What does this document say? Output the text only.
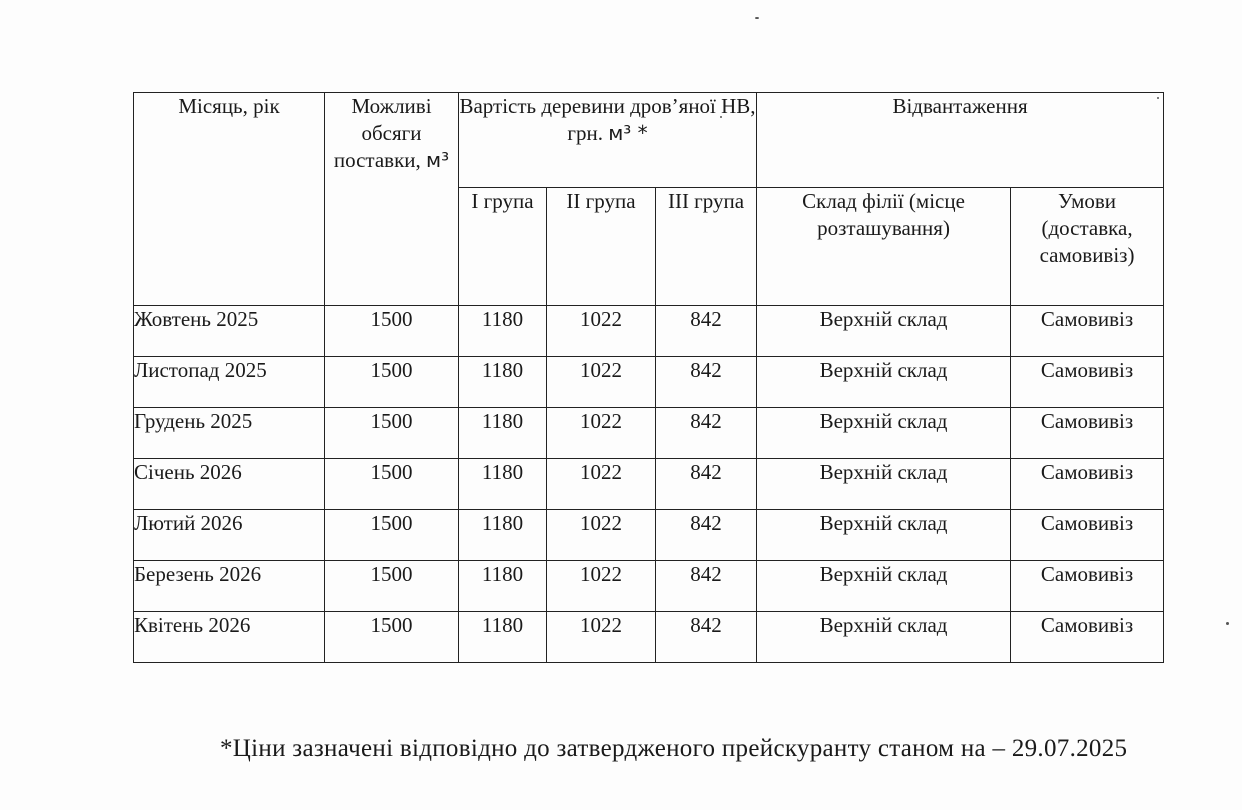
Місяць, рік	Можливі обсяги поставки, м³	Вартість деревини дров’яної НВ, грн. м³ *			Відвантаження	
		I група	II група	III група	Склад філії (місце розташування)	Умови (доставка, самовивіз)
Жовтень 2025	1500	1180	1022	842	Верхній склад	Самовивіз
Листопад 2025	1500	1180	1022	842	Верхній склад	Самовивіз
Грудень 2025	1500	1180	1022	842	Верхній склад	Самовивіз
Січень 2026	1500	1180	1022	842	Верхній склад	Самовивіз
Лютий 2026	1500	1180	1022	842	Верхній склад	Самовивіз
Березень 2026	1500	1180	1022	842	Верхній склад	Самовивіз
Квітень 2026	1500	1180	1022	842	Верхній склад	Самовивіз
*Ціни зазначені відповідно до затвердженого прейскуранту станом на – 29.07.2025
